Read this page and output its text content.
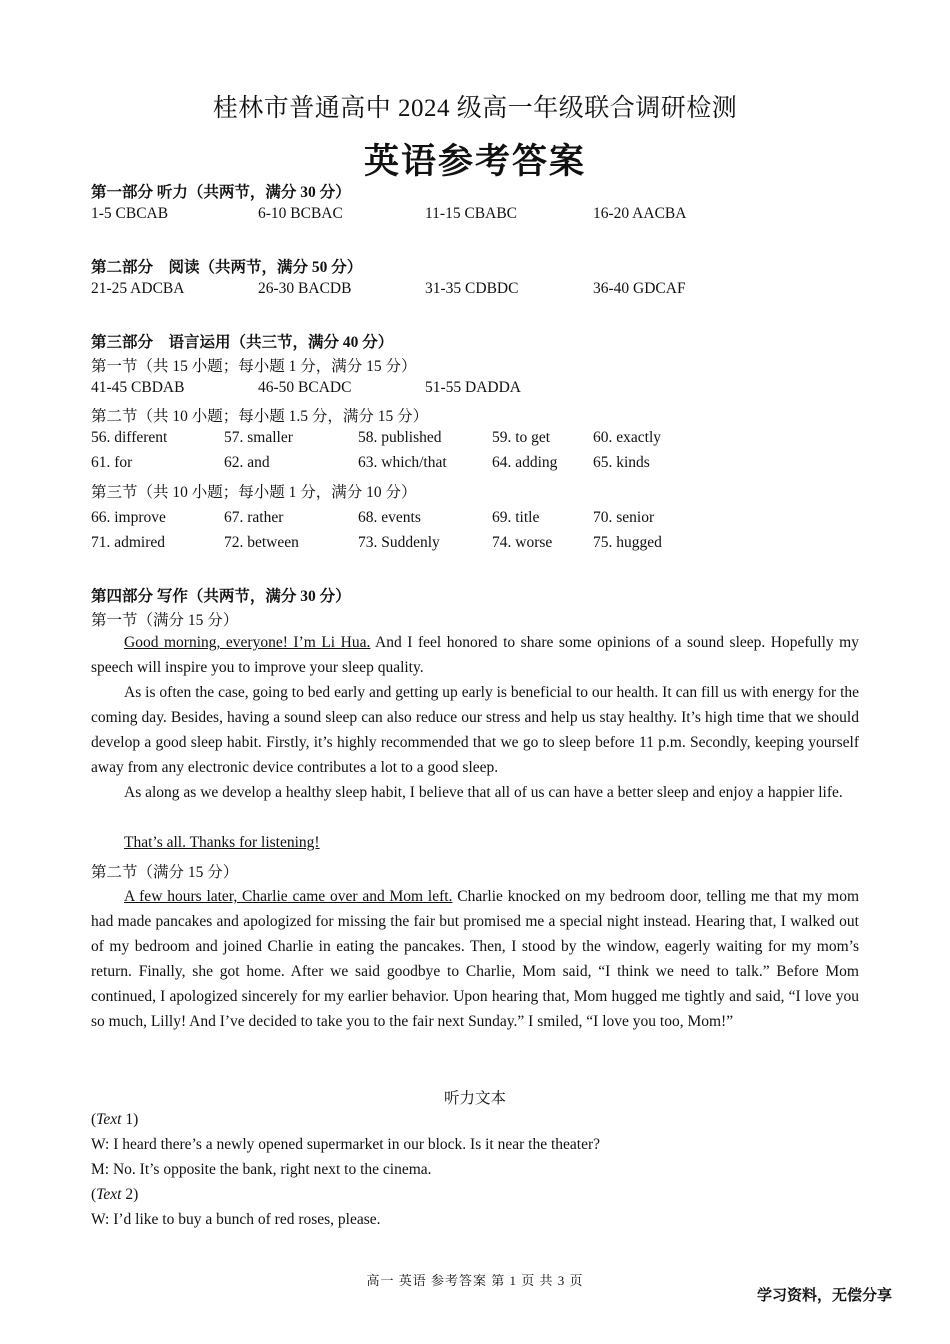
桂林市普通高中 2024 级高一年级联合调研检测
英语参考答案
第一部分 听力（共两节，满分 30 分）
1-5 CBCAB	6-10 BCBAC	11-15 CBABC	16-20 AACBA
第二部分　阅读（共两节，满分 50 分）
21-25 ADCBA	26-30 BACDB	31-35 CDBDC	36-40 GDCAF
第三部分　语言运用（共三节，满分 40 分）
第一节（共 15 小题；每小题 1 分，满分 15 分）
41-45 CBDAB	46-50 BCADC	51-55 DADDA
第二节（共 10 小题；每小题 1.5 分，满分 15 分）
56. different	57. smaller	58. published	59. to get	60. exactly
61. for	62. and	63. which/that	64. adding 65. kinds
第三节（共 10 小题；每小题 1 分，满分 10 分）
66. improve	67. rather	68. events	69. title	70. senior
71. admired	72. between	73. Suddenly	74. worse	75. hugged
第四部分 写作（共两节，满分 30 分）
第一节（满分 15 分）
Good morning, everyone! I’m Li Hua. And I feel honored to share some opinions of a sound sleep. Hopefully my speech will inspire you to improve your sleep quality.
As is often the case, going to bed early and getting up early is beneficial to our health. It can fill us with energy for the coming day. Besides, having a sound sleep can also reduce our stress and help us stay healthy. It’s high time that we should develop a good sleep habit. Firstly, it’s highly recommended that we go to sleep before 11 p.m. Secondly, keeping yourself away from any electronic device contributes a lot to a good sleep.
As along as we develop a healthy sleep habit, I believe that all of us can have a better sleep and enjoy a happier life.
That’s all. Thanks for listening!
第二节（满分 15 分）
A few hours later, Charlie came over and Mom left. Charlie knocked on my bedroom door, telling me that my mom had made pancakes and apologized for missing the fair but promised me a special night instead. Hearing that, I walked out of my bedroom and joined Charlie in eating the pancakes. Then, I stood by the window, eagerly waiting for my mom’s return. Finally, she got home. After we said goodbye to Charlie, Mom said, “I think we need to talk.” Before Mom continued, I apologized sincerely for my earlier behavior. Upon hearing that, Mom hugged me tightly and said, “I love you so much, Lilly! And I’ve decided to take you to the fair next Sunday.” I smiled, “I love you too, Mom!”
听力文本
(Text 1)
W: I heard there’s a newly opened supermarket in our block. Is it near the theater?
M: No. It’s opposite the bank, right next to the cinema.
(Text 2)
W: I’d like to buy a bunch of red roses, please.
高一 英语 参考答案 第 1 页 共 3 页
学习资料，无偿分享
